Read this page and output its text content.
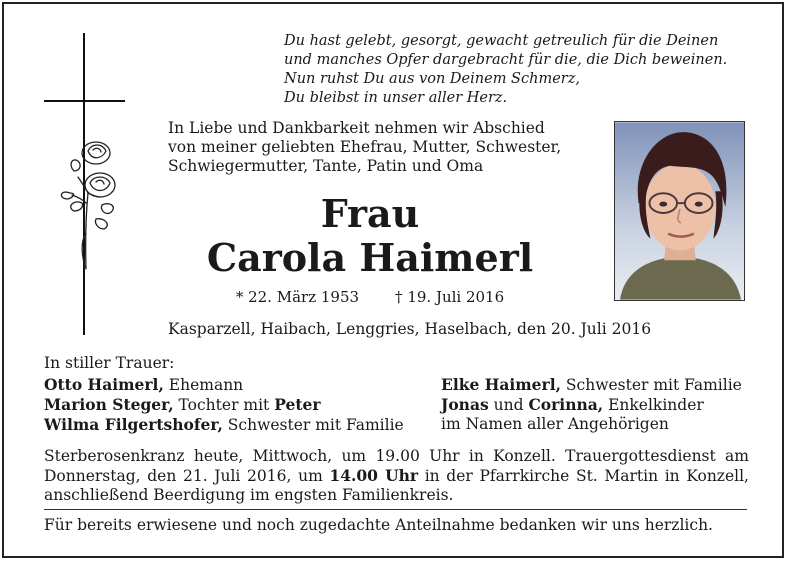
Du hast gelebt, gesorgt, gewacht getreulich für die Deinen
und manches Opfer dargebracht für die, die Dich beweinen.
Nun ruhst Du aus von Deinem Schmerz,
Du bleibst in unser aller Herz.
In Liebe und Dankbarkeit nehmen wir Abschied
von meiner geliebten Ehefrau, Mutter, Schwester,
Schwiegermutter, Tante, Patin und Oma
Frau
Carola Haimerl
* 22. März 1953 † 19. Juli 2016
Kasparzell, Haibach, Lenggries, Haselbach, den 20. Juli 2016
In stiller Trauer:
Otto Haimerl, Ehemann
Marion Steger, Tochter mit Peter
Wilma Filgertshofer, Schwester mit Familie
Elke Haimerl, Schwester mit Familie
Jonas und Corinna, Enkelkinder
im Namen aller Angehörigen
Sterberosenkranz heute, Mittwoch, um 19.00 Uhr in Konzell. Trauergottesdienst am
Donnerstag, den 21. Juli 2016, um 14.00 Uhr in der Pfarrkirche St. Martin in Konzell,
anschließend Beerdigung im engsten Familienkreis.
Für bereits erwiesene und noch zugedachte Anteilnahme bedanken wir uns herzlich.
